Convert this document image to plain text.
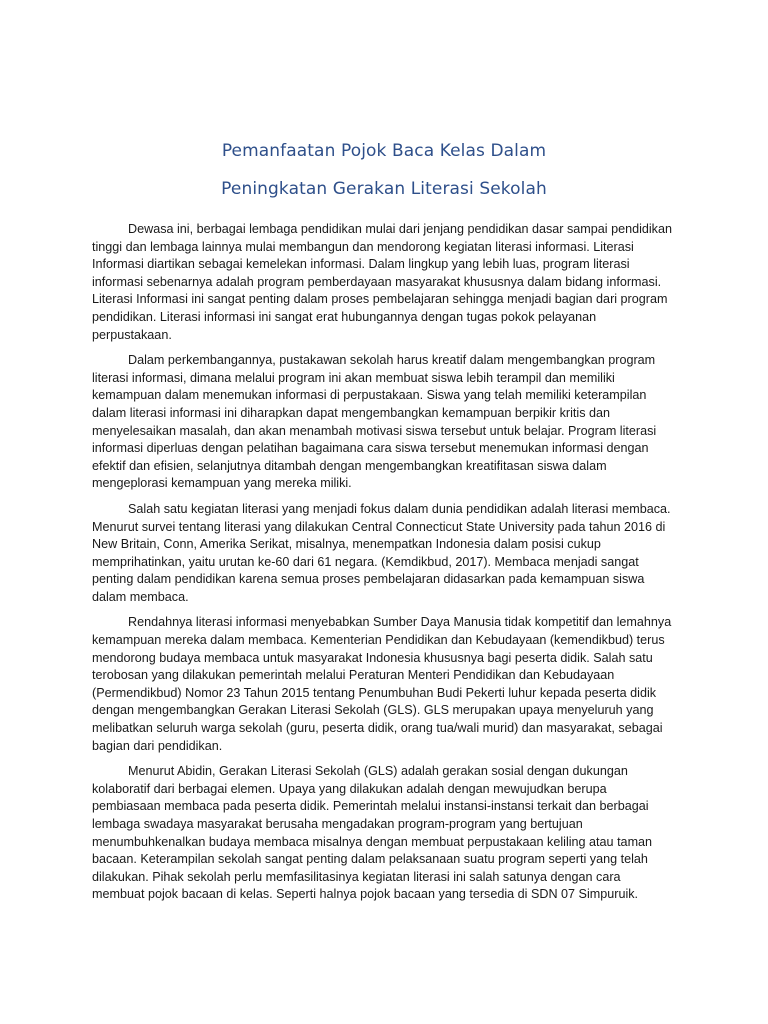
Pemanfaatan Pojok Baca Kelas Dalam
Peningkatan Gerakan Literasi Sekolah

Dewasa ini, berbagai lembaga pendidikan mulai dari jenjang pendidikan dasar sampai pendidikan tinggi dan lembaga lainnya mulai membangun dan mendorong kegiatan literasi informasi. Literasi Informasi diartikan sebagai kemelekan informasi. Dalam lingkup yang lebih luas, program literasi informasi sebenarnya adalah program pemberdayaan masyarakat khususnya dalam bidang informasi. Literasi Informasi ini sangat penting dalam proses pembelajaran sehingga menjadi bagian dari program pendidikan. Literasi informasi ini sangat erat hubungannya dengan tugas pokok pelayanan perpustakaan.

Dalam perkembangannya, pustakawan sekolah harus kreatif dalam mengembangkan program literasi informasi, dimana melalui program ini akan membuat siswa lebih terampil dan memiliki kemampuan dalam menemukan informasi di perpustakaan. Siswa yang telah memiliki keterampilan dalam literasi informasi ini diharapkan dapat mengembangkan kemampuan berpikir kritis dan menyelesaikan masalah, dan akan menambah motivasi siswa tersebut untuk belajar. Program literasi informasi diperluas dengan pelatihan bagaimana cara siswa tersebut menemukan informasi dengan efektif dan efisien, selanjutnya ditambah dengan mengembangkan kreatifitasan siswa dalam mengeplorasi kemampuan yang mereka miliki.

Salah satu kegiatan literasi yang menjadi fokus dalam dunia pendidikan adalah literasi membaca. Menurut survei tentang literasi yang dilakukan Central Connecticut State University pada tahun 2016 di New Britain, Conn, Amerika Serikat, misalnya, menempatkan Indonesia dalam posisi cukup memprihatinkan, yaitu urutan ke-60 dari 61 negara. (Kemdikbud, 2017). Membaca menjadi sangat penting dalam pendidikan karena semua proses pembelajaran didasarkan pada kemampuan siswa dalam membaca.

Rendahnya literasi informasi menyebabkan Sumber Daya Manusia tidak kompetitif dan lemahnya kemampuan mereka dalam membaca. Kementerian Pendidikan dan Kebudayaan (kemendikbud) terus mendorong budaya membaca untuk masyarakat Indonesia khususnya bagi peserta didik. Salah satu terobosan yang dilakukan pemerintah melalui Peraturan Menteri Pendidikan dan Kebudayaan (Permendikbud) Nomor 23 Tahun 2015 tentang Penumbuhan Budi Pekerti luhur kepada peserta didik dengan mengembangkan Gerakan Literasi Sekolah (GLS). GLS merupakan upaya menyeluruh yang melibatkan seluruh warga sekolah (guru, peserta didik, orang tua/wali murid) dan masyarakat, sebagai bagian dari pendidikan.

Menurut Abidin, Gerakan Literasi Sekolah (GLS) adalah gerakan sosial dengan dukungan kolaboratif dari berbagai elemen. Upaya yang dilakukan adalah dengan mewujudkan berupa pembiasaan membaca pada peserta didik. Pemerintah melalui instansi-instansi terkait dan berbagai lembaga swadaya masyarakat berusaha mengadakan program-program yang bertujuan menumbuhkenalkan budaya membaca misalnya dengan membuat perpustakaan keliling atau taman bacaan. Keterampilan sekolah sangat penting dalam pelaksanaan suatu program seperti yang telah dilakukan. Pihak sekolah perlu memfasilitasinya kegiatan literasi ini salah satunya dengan cara membuat pojok bacaan di kelas. Seperti halnya pojok bacaan yang tersedia di SDN 07 Simpuruik.
